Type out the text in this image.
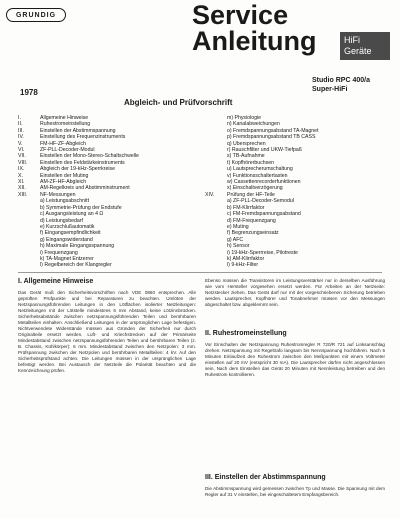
GRUNDIG	Service
Anleitung	HiFi
Geräte
Studio RPC 400/a
Super-HiFi
1978
Abgleich- und Prüfvorschrift
I.	Allgemeine Hinweise
II.	Ruhestromeinstellung
III.	Einstellen der Abstimmspannung
IV.	Einstellung des Frequenzinstruments
V.	FM-HF-ZF-Abgleich
VI.	ZF-PLL-Decoder-Modul
VII.	Einstellen der Mono-Stereo-Schaltschwelle
VIII.	Einstellen des Feldstärkeinstruments
IX.	Abgleich der 19-kHz-Sperrkreise
X.	Einstellen der Muting
XI.	AM-ZF-HF-Abgleich
XII.	AM-Regelkreis und Abstimminstrument
XIII.	NF-Messungen
a) Leistungsabschnitt
b) Symmetrie-Prüfung der Endstufe
c) Ausgangsleistung an 4 Ω
d) Leistungsbedarf
e) Kurzschlußautomatik
f) Eingangsempfindlichkeit
g) Eingangswiderstand
h) Maximale Eingangsspannung
i) Frequenzgang
k) TA-Magnet Entzerrer
l) Regelbereich der Klangregler
m) Physiologie
n) Kanalabweichungen
o) Fremdspannungsabstand TA-Magnet
p) Fremdspannungsabstand TB CASS
q) Übersprechen
r) Rauschfilter und UKW-Tiefpaß
s) TB-Aufnahme
t) Kopfhörerbuchsen
u) Lautsprecherumschaltung
v) Funktionsschaltertasten
w) Cassettenrecorderfunktionen
x) Einschaltverzögerung
XIV.	Prüfung der HF-Teile
a) ZF-PLL-Decoder-Semodul
b) FM-Klirrfaktor
c) FM-Fremdspannungsabstand
d) FM-Frequenzgang
e) Muting
f) Begrenzungseinsatz
g) AFC
h) Sensor
i) 19-kHz-Sperrreise, Pilotreste
k) AM-Klirrfaktor
l) 9-kHz-Filter
I. Allgemeine Hinweise
Das Gerät muß den Sicherheitsvorschriften nach VDE 0860 entsprechen. Alle geprüften Prüfpunkte und bei Reparaturen zu beachten. Umlöten der Netzspannungsführenden Leitungen in den Lötflächen isolierter Netzleitungen: Netzleitungen mit der Lötstelle mindestens 6 mm Abstand, keine Lötzinnbrücken. Sicherheitsabstände zwischen netzspannungsführenden Teilen und berührbaren Metallteilen einhalten. Anschließend Leitungen in der ursprünglichen Lage befestigen. Nichtverwendete Widerstände müssen aus Gründen der Sicherheit nur durch Originalteile ersetzt werden. Luft- und Kriechstrecken auf der Primärseite Mindestabstand zwischen netzspannungsführenden Teilen und berührbaren Teilen (z. B. Chassis, Kühlkörper): 6 mm. Mindestabstand zwischen den Netzpolen: 3 mm. Prüfspannung zwischen der Netzpolen und berührbaren Metallteilen: 4 kV. Auf den Sicherheitsprüfstand achten. Die Leitungen müssen in der ursprünglichen Lage befestigt werden. Bei Austausch der Netzteile die Polarität beachten und die Kennzeichnung prüfen.
Ebenso müssen die Transistoren im Leistungsverstärker nur in derselben Ausführung wie vom Hersteller vorgesehen ersetzt werden. Für Arbeiten an der Netzseite: Netzstecker ziehen. Das Gerät darf nur mit der vorgeschriebenen Sicherung betrieben werden. Lautsprecher, Kopfhörer und Tonabnehmer müssen vor den Messungen abgeschaltet bzw. abgeklemmt sein.
II. Ruhestromeinstellung
Vor Einschalten der Netzspannung Ruhestromregler R 720/R 721 auf Linksanschlag drehen. Netzspannung mit Regeltrafo langsam bis Nennspannung hochfahren. Nach 5 Minuten Einlaufzeit den Ruhestrom zwischen den Meßpunkten mit einem Voltmeter einstellen auf 20 mV (entspricht 30 mA). Die Lautsprecher dürfen nicht angeschlossen sein. Nach dem Einstellen das Gerät 20 Minuten mit Nennleistung betreiben und den Ruhestrom kontrollieren.
III. Einstellen der Abstimmspannung
Die Abstimmspannung wird gemessen zwischen Tp und Masse. Die Spannung mit dem Regler auf 31 V einstellen, bei eingeschaltetem Empfangsbereich.
